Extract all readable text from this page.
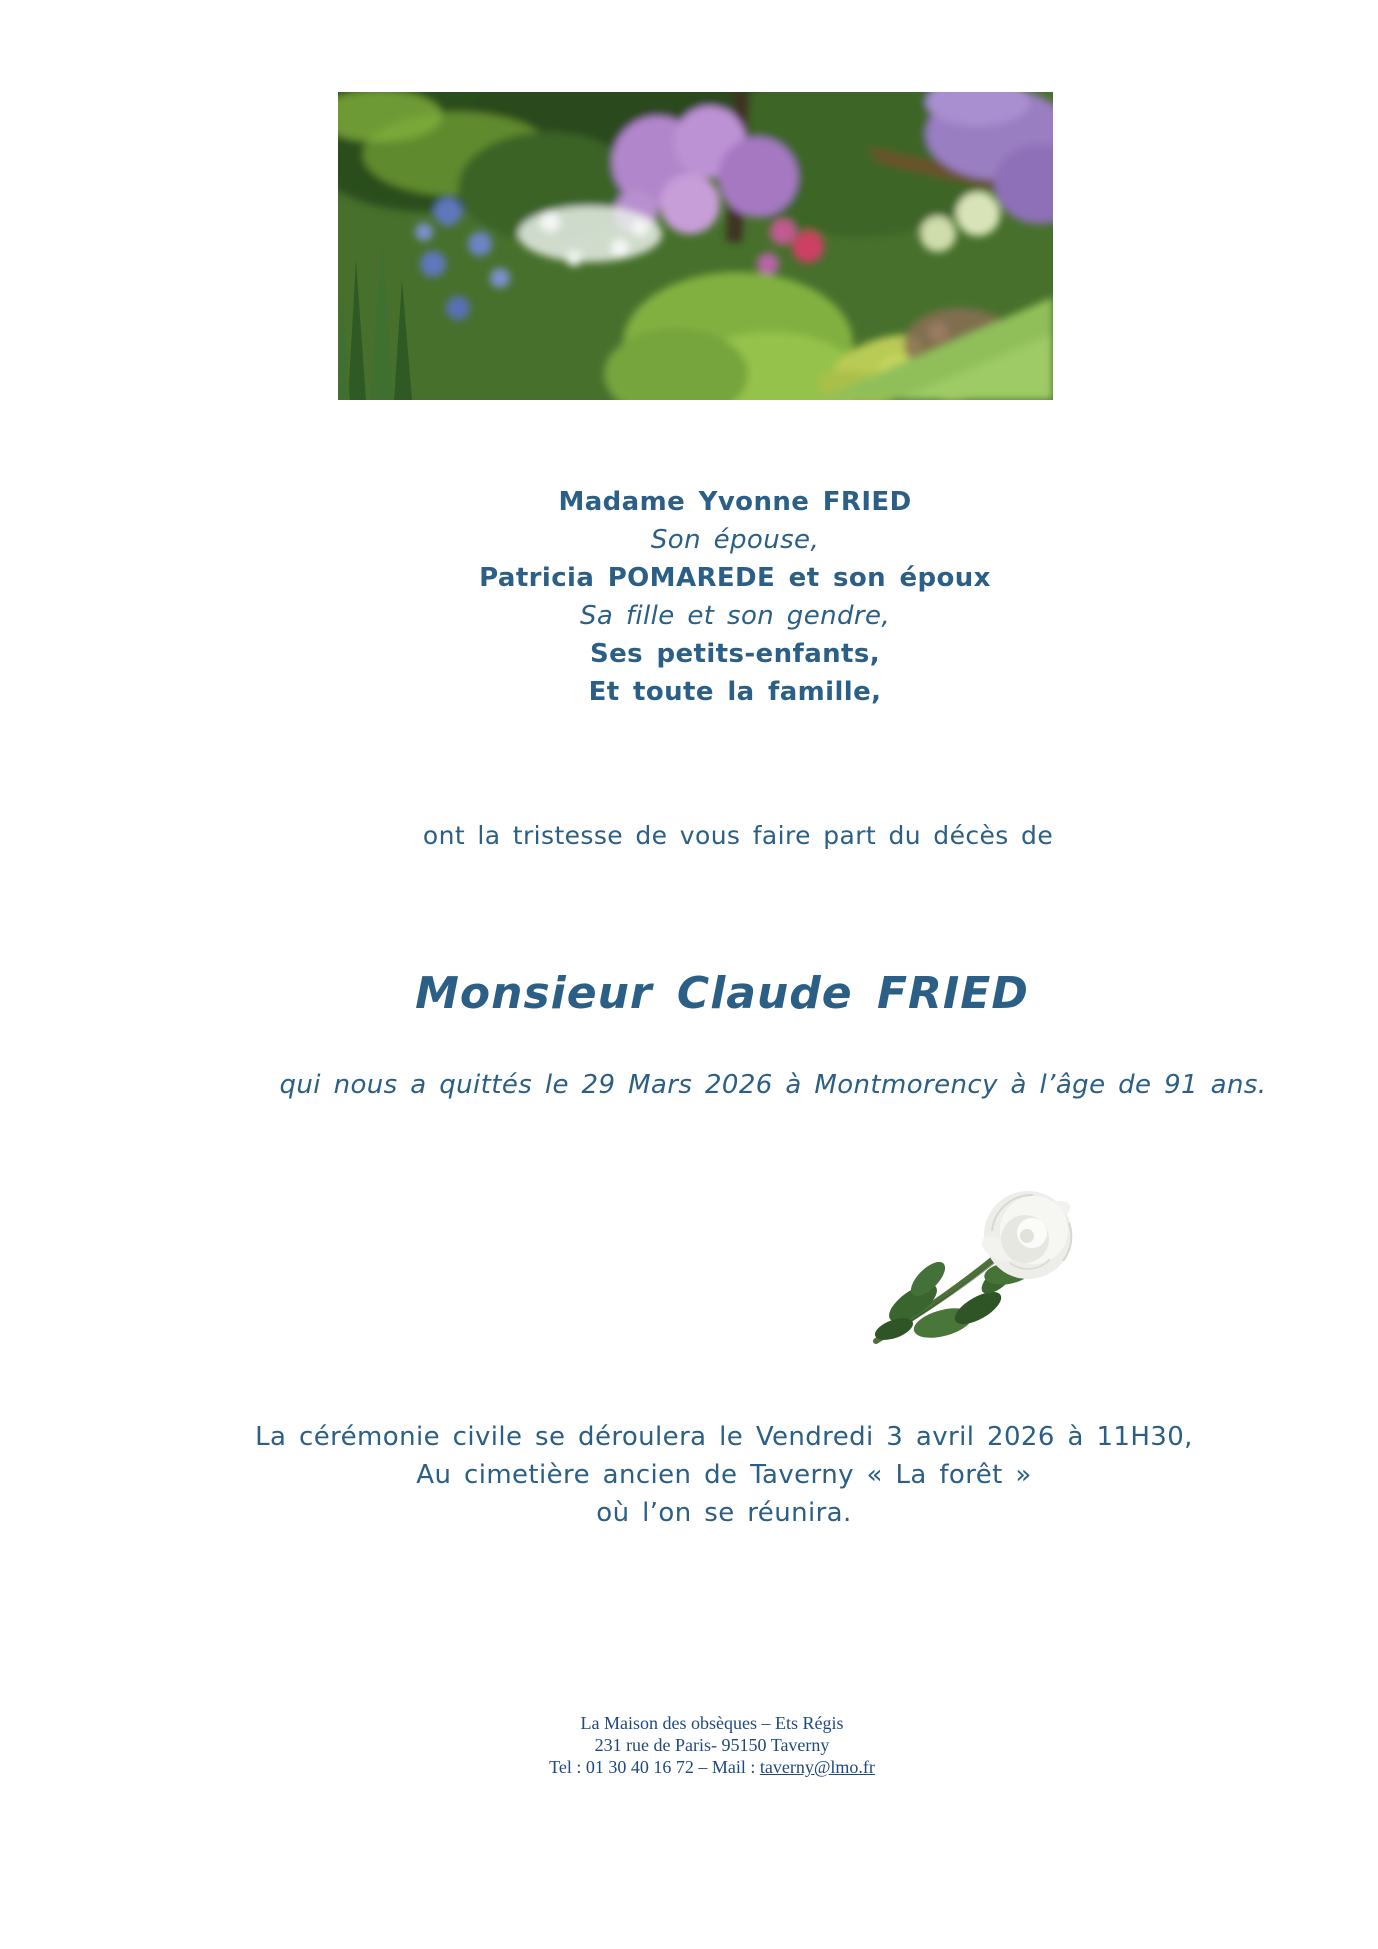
Madame Yvonne FRIED
Son épouse,
Patricia POMAREDE et son époux
Sa fille et son gendre,
Ses petits-enfants,
Et toute la famille,
ont la tristesse de vous faire part du décès de
Monsieur Claude FRIED
qui nous a quittés le 29 Mars 2026 à Montmorency à l’âge de 91 ans.
La cérémonie civile se déroulera le Vendredi 3 avril 2026 à 11H30,
Au cimetière ancien de Taverny « La forêt »
où l’on se réunira.
La Maison des obsèques – Ets Régis
231 rue de Paris- 95150 Taverny
Tel : 01 30 40 16 72 – Mail : taverny@lmo.fr
